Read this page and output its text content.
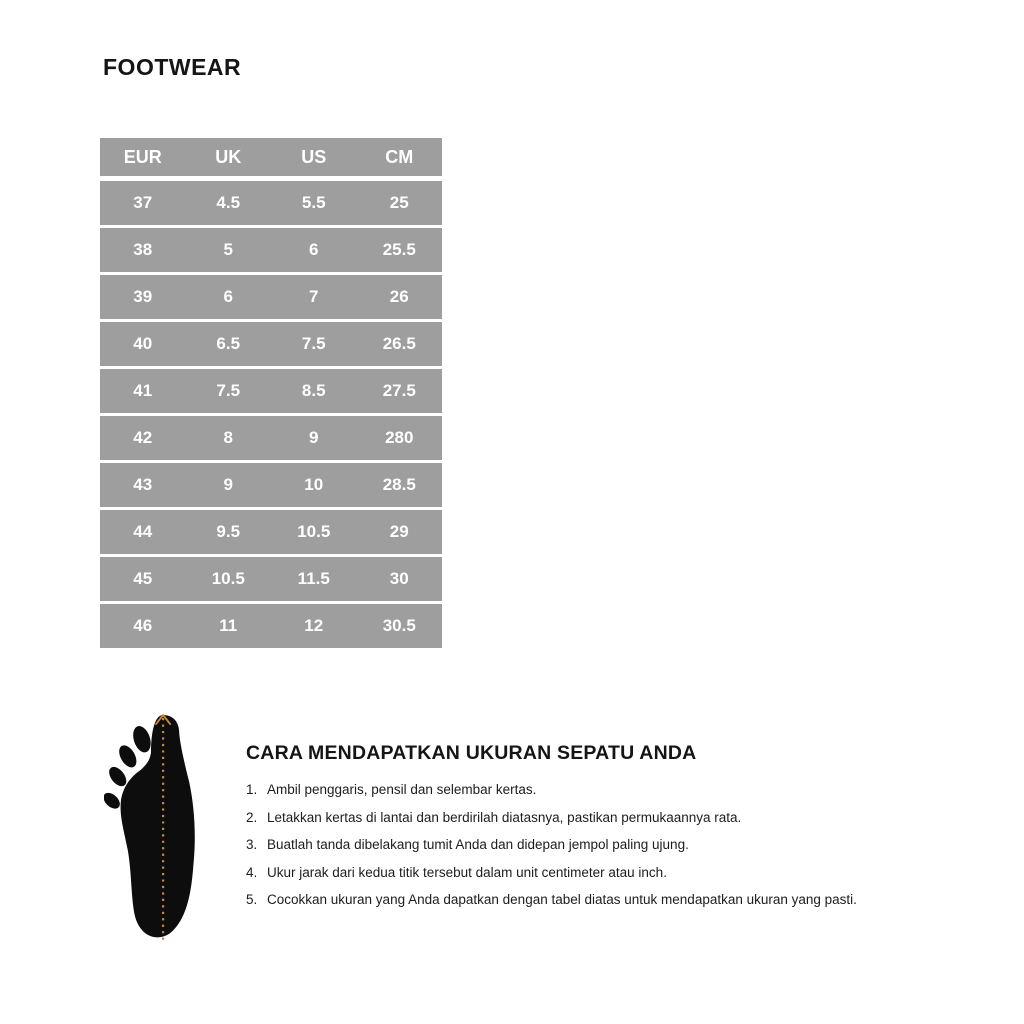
FOOTWEAR
EUR	UK	US	CM
37	4.5	5.5	25
38	5	6	25.5
39	6	7	26
40	6.5	7.5	26.5
41	7.5	8.5	27.5
42	8	9	280
43	9	10	28.5
44	9.5	10.5	29
45	10.5	11.5	30
46	11	12	30.5
CARA MENDAPATKAN UKURAN SEPATU ANDA
1. Ambil penggaris, pensil dan selembar kertas.
2. Letakkan kertas di lantai dan berdirilah diatasnya, pastikan permukaannya rata.
3. Buatlah tanda dibelakang tumit Anda dan didepan jempol paling ujung.
4. Ukur jarak dari kedua titik tersebut dalam unit centimeter atau inch.
5. Cocokkan ukuran yang Anda dapatkan dengan tabel diatas untuk mendapatkan ukuran yang pasti.
